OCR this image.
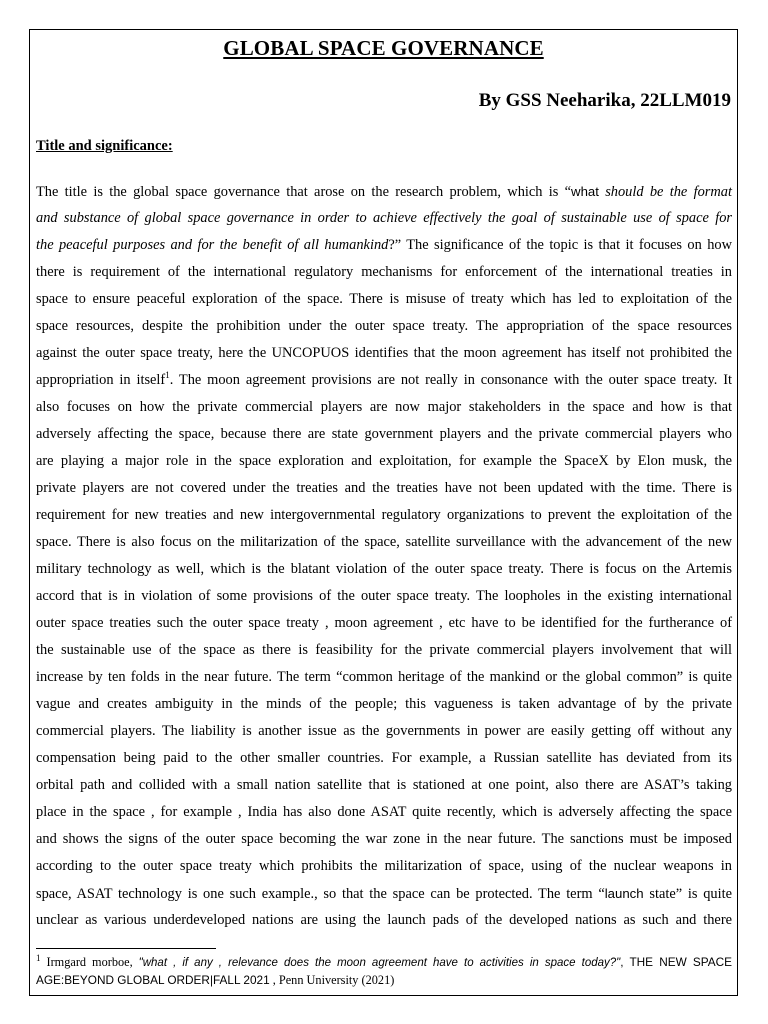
GLOBAL SPACE GOVERNANCE
By GSS Neeharika, 22LLM019
Title and significance:
The title is the global space governance that arose on the research problem, which is “what should be the format
and substance of global space governance in order to achieve effectively the goal of sustainable use of space for
the peaceful purposes and for the benefit of all humankind?” The significance of the topic is that it focuses on how
there is requirement of the international regulatory mechanisms for enforcement of the international treaties in
space to ensure peaceful exploration of the space. There is misuse of treaty which has led to exploitation of the
space resources, despite the prohibition under the outer space treaty. The appropriation of the space resources
against the outer space treaty, here the UNCOPUOS identifies that the moon agreement has itself not prohibited the
appropriation in itself$^1$. The moon agreement provisions are not really in consonance with the outer space treaty. It
also focuses on how the private commercial players are now major stakeholders in the space and how is that
adversely affecting the space, because there are state government players and the private commercial players who
are playing a major role in the space exploration and exploitation, for example the SpaceX by Elon musk, the
private players are not covered under the treaties and the treaties have not been updated with the time. There is
requirement for new treaties and new intergovernmental regulatory organizations to prevent the exploitation of the
space. There is also focus on the militarization of the space, satellite surveillance with the advancement of the new
military technology as well, which is the blatant violation of the outer space treaty. There is focus on the Artemis
accord that is in violation of some provisions of the outer space treaty. The loopholes in the existing international
outer space treaties such the outer space treaty , moon agreement , etc have to be identified for the furtherance of
the sustainable use of the space as there is feasibility for the private commercial players involvement that will
increase by ten folds in the near future. The term “common heritage of the mankind or the global common” is quite
vague and creates ambiguity in the minds of the people; this vagueness is taken advantage of by the private
commercial players. The liability is another issue as the governments in power are easily getting off without any
compensation being paid to the other smaller countries. For example, a Russian satellite has deviated from its
orbital path and collided with a small nation satellite that is stationed at one point, also there are ASAT’s taking
place in the space , for example , India has also done ASAT quite recently, which is adversely affecting the space
and shows the signs of the outer space becoming the war zone in the near future. The sanctions must be imposed
according to the outer space treaty which prohibits the militarization of space, using of the nuclear weapons in
space, ASAT technology is one such example., so that the space can be protected. The term “launch state” is quite
unclear as various underdeveloped nations are using the launch pads of the developed nations as such and there
$^1$ Irmgard morboe, "what , if any , relevance does the moon agreement have to activities in space today?", THE NEW SPACE
AGE:BEYOND GLOBAL ORDER|FALL 2021 , Penn University (2021)
